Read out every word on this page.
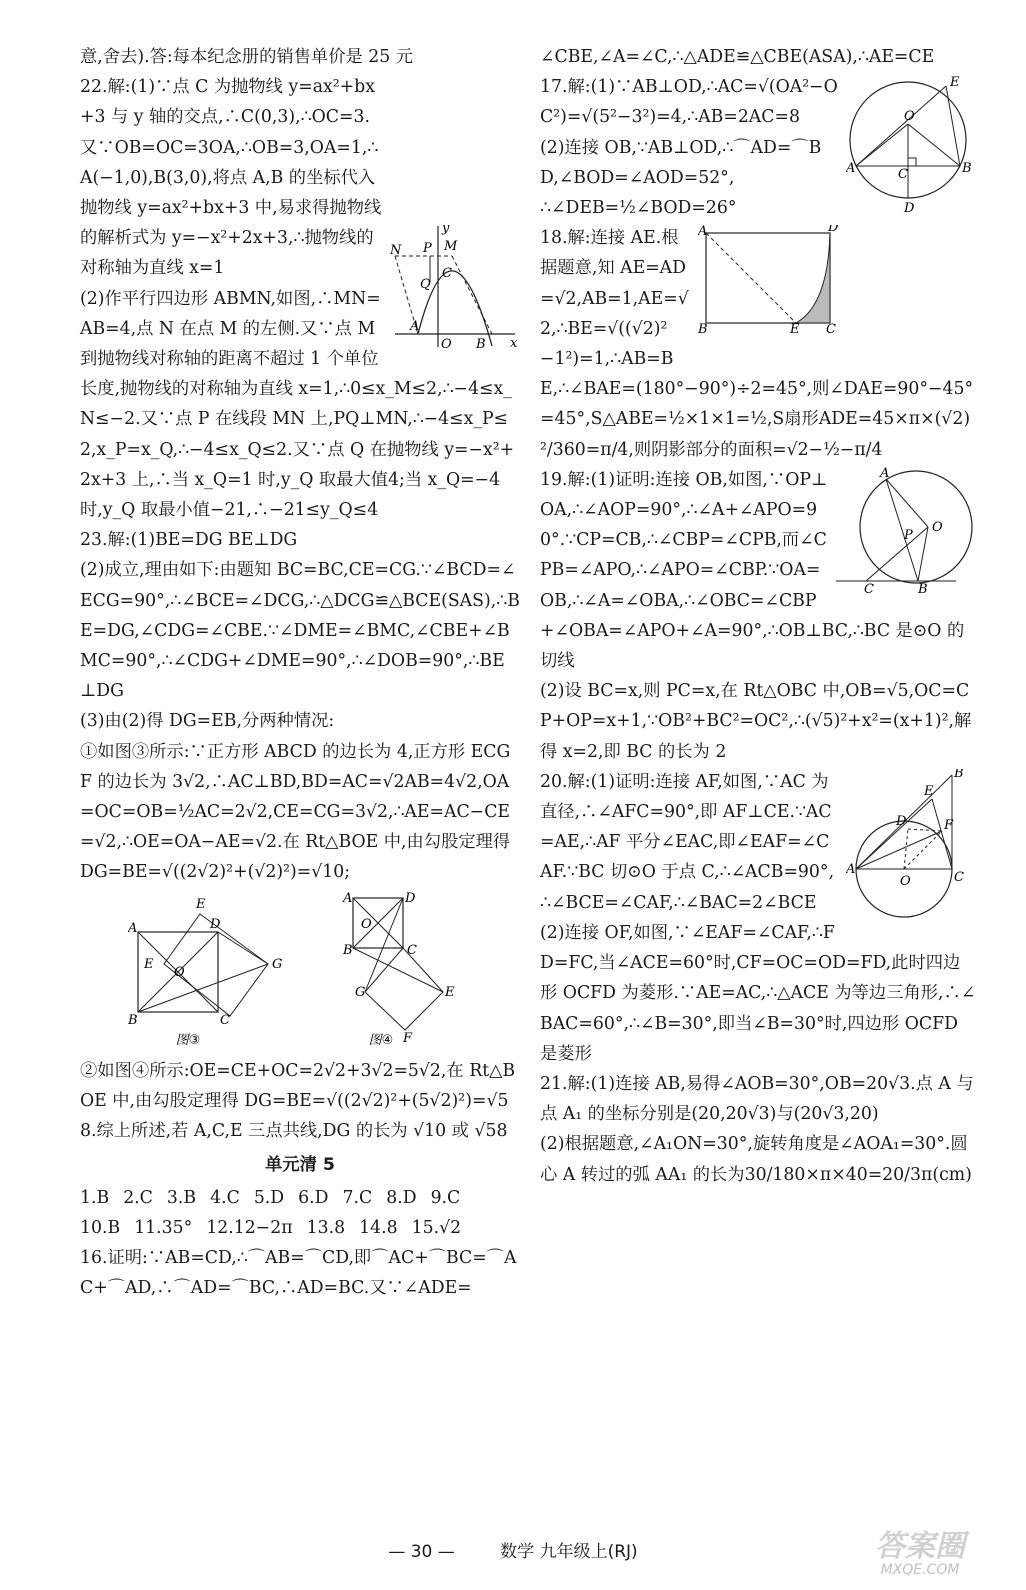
意,舍去).答:每本纪念册的销售单价是 25 元

y
x
N	M
P
Q
C
A
O B

22.解:(1)∵点 C 为抛物线 y=ax²+bx+3 与 y 轴的交点,∴C(0,3),∴OC=3.又∵OB=OC=3OA,∴OB=3,OA=1,∴A(−1,0),B(3,0),将点 A,B 的坐标代入抛物线 y=ax²+bx+3 中,易求得抛物线的解析式为 y=−x²+2x+3,∴抛物线的对称轴为直线 x=1

(2)作平行四边形 ABMN,如图,∴MN=AB=4,点 N 在点 M 的左侧.又∵点 M 到抛物线对称轴的距离不超过 1 个单位长度,抛物线的对称轴为直线 x=1,∴0≤x_M≤2,∴−4≤x_N≤−2.又∵点 P 在线段 MN 上,PQ⊥MN,∴−4≤x_P≤2,x_P=x_Q,∴−4≤x_Q≤2.又∵点 Q 在抛物线 y=−x²+2x+3 上,∴当 x_Q=1 时,y_Q 取最大值4;当 x_Q=−4 时,y_Q 取最小值−21,∴−21≤y_Q≤4

23.解:(1)BE=DG BE⊥DG

(2)成立,理由如下:由题知 BC=BC,CE=CG.∵∠BCD=∠ECG=90°,∴∠BCE=∠DCG,∴△DCG≌△BCE(SAS),∴BE=DG,∠CDG=∠CBE.∵∠DME=∠BMC,∠CBE+∠BMC=90°,∴∠CDG+∠DME=90°,∴∠DOB=90°,∴BE⊥DG

(3)由(2)得 DG=EB,分两种情况:

①如图③所示:∵正方形 ABCD 的边长为 4,正方形 ECGF 的边长为 3√2,∴AC⊥BD,BD=AC=√2AB=4√2,OA=OC=OB=½AC=2√2,CE=CG=3√2,∴AE=AC−CE=√2,∴OE=OA−AE=√2.在 Rt△BOE 中,由勾股定理得 DG=BE=√((2√2)²+(√2)²)=√10;

E
D
A
E
O
G
B	C
图③
A	D
O
B	C
G	E
F
图④

②如图④所示:OE=CE+OC=2√2+3√2=5√2,在 Rt△BOE 中,由勾股定理得 DG=BE=√((2√2)²+(5√2)²)=√58.综上所述,若 A,C,E 三点共线,DG 的长为 √10 或 √58

单元清 5

1.B 2.C 3.B 4.C 5.D 6.D 7.C 8.D 9.C

10.B 11.35° 12.12−2π 13.8 14.8 15.√2

16.证明:∵AB=CD,∴⌒AB=⌒CD,即⌒AC+⌒BC=⌒AC+⌒AD,∴⌒AD=⌒BC,∴AD=BC.又∵∠ADE=

∠CBE,∠A=∠C,∴△ADE≌△CBE(ASA),∴AE=CE

E
O
A	C	B
D

17.解:(1)∵AB⊥OD,∴AC=√(OA²−OC²)=√(5²−3²)=4,∴AB=2AC=8

(2)连接 OB,∵AB⊥OD,∴⌒AD=⌒BD,∠BOD=∠AOD=52°,

∴∠DEB=½∠BOD=26°

A	D
B	E C

18.解:连接 AE.根据题意,知 AE=AD=√2,AB=1,AE=√2,∴BE=√((√2)²−1²)=1,∴AB=BE,∴∠BAE=(180°−90°)÷2=45°,则∠DAE=90°−45°=45°,S△ABE=½×1×1=½,S扇形ADE=45×π×(√2)²/360=π/4,则阴影部分的面积=√2−½−π/4

A
O
P
C	B

19.解:(1)证明:连接 OB,如图,∵OP⊥OA,∴∠AOP=90°,∴∠A+∠APO=90°.∵CP=CB,∴∠CBP=∠CPB,而∠CPB=∠APO,∴∠APO=∠CBP.∵OA=OB,∴∠A=∠OBA,∴∠OBC=∠CBP+∠OBA=∠APO+∠A=90°,∴OB⊥BC,∴BC 是⊙O 的切线

(2)设 BC=x,则 PC=x,在 Rt△OBC 中,OB=√5,OC=CP+OP=x+1,∵OB²+BC²=OC²,∴(√5)²+x²=(x+1)²,解得 x=2,即 BC 的长为 2

B
E
D	F
A
O	C

20.解:(1)证明:连接 AF,如图,∵AC 为直径,∴∠AFC=90°,即 AF⊥CE.∵AC=AE,∴AF 平分∠EAC,即∠EAF=∠CAF.∵BC 切⊙O 于点 C,∴∠ACB=90°,∴∠BCE=∠CAF,∴∠BAC=2∠BCE

(2)连接 OF,如图,∵∠EAF=∠CAF,∴FD=FC,当∠ACE=60°时,CF=OC=OD=FD,此时四边形 OCFD 为菱形.∵AE=AC,∴△ACE 为等边三角形,∴∠BAC=60°,∴∠B=30°,即当∠B=30°时,四边形 OCFD 是菱形

21.解:(1)连接 AB,易得∠AOB=30°,OB=20√3.点 A 与点 A₁ 的坐标分别是(20,20√3)与(20√3,20)

(2)根据题意,∠A₁ON=30°,旋转角度是∠AOA₁=30°.圆心 A 转过的弧 AA₁ 的长为30/180×π×40=20/3π(cm)

— 30 —	数学 九年级上(RJ)	答案圈
MXQE.COM
